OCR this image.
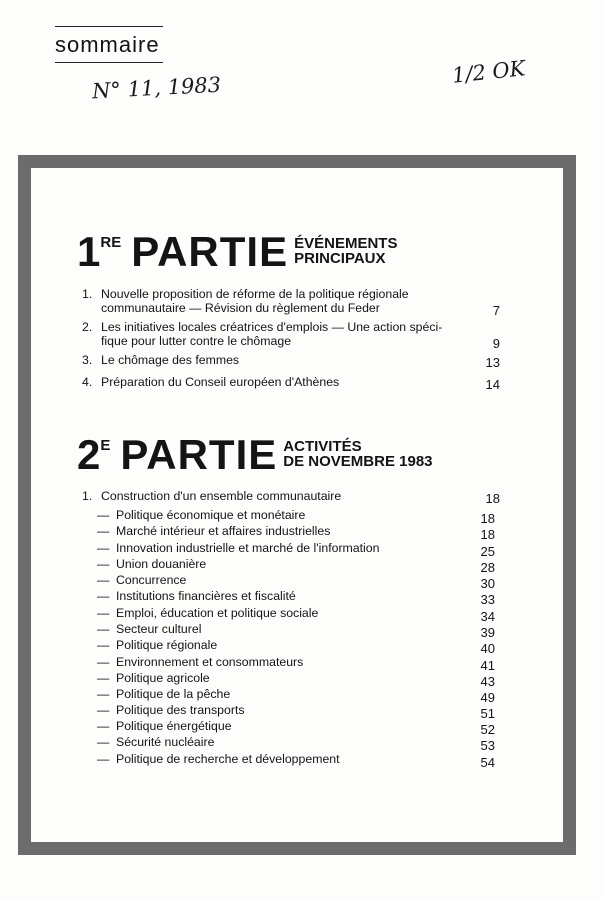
sommaire
N° 11, 1983
1/2 OK
1 RE PARTIE ÉVÉNEMENTS
PRINCIPAUX
1. Nouvelle proposition de réforme de la politique régionale
communautaire — Révision du règlement du Feder	7
2. Les initiatives locales créatrices d'emplois — Une action spéci-
fique pour lutter contre le chômage	9
3. Le chômage des femmes	13
4. Préparation du Conseil européen d'Athènes	14
2 E PARTIE ACTIVITÉS
DE NOVEMBRE 1983
1. Construction d'un ensemble communautaire	18
— Politique économique et monétaire	18
— Marché intérieur et affaires industrielles	18
— Innovation industrielle et marché de l'information	25
— Union douanière	28
— Concurrence	30
— Institutions financières et fiscalité	33
— Emploi, éducation et politique sociale	34
— Secteur culturel	39
— Politique régionale	40
— Environnement et consommateurs	41
— Politique agricole	43
— Politique de la pêche	49
— Politique des transports	51
— Politique énergétique	52
— Sécurité nucléaire	53
— Politique de recherche et développement	54
